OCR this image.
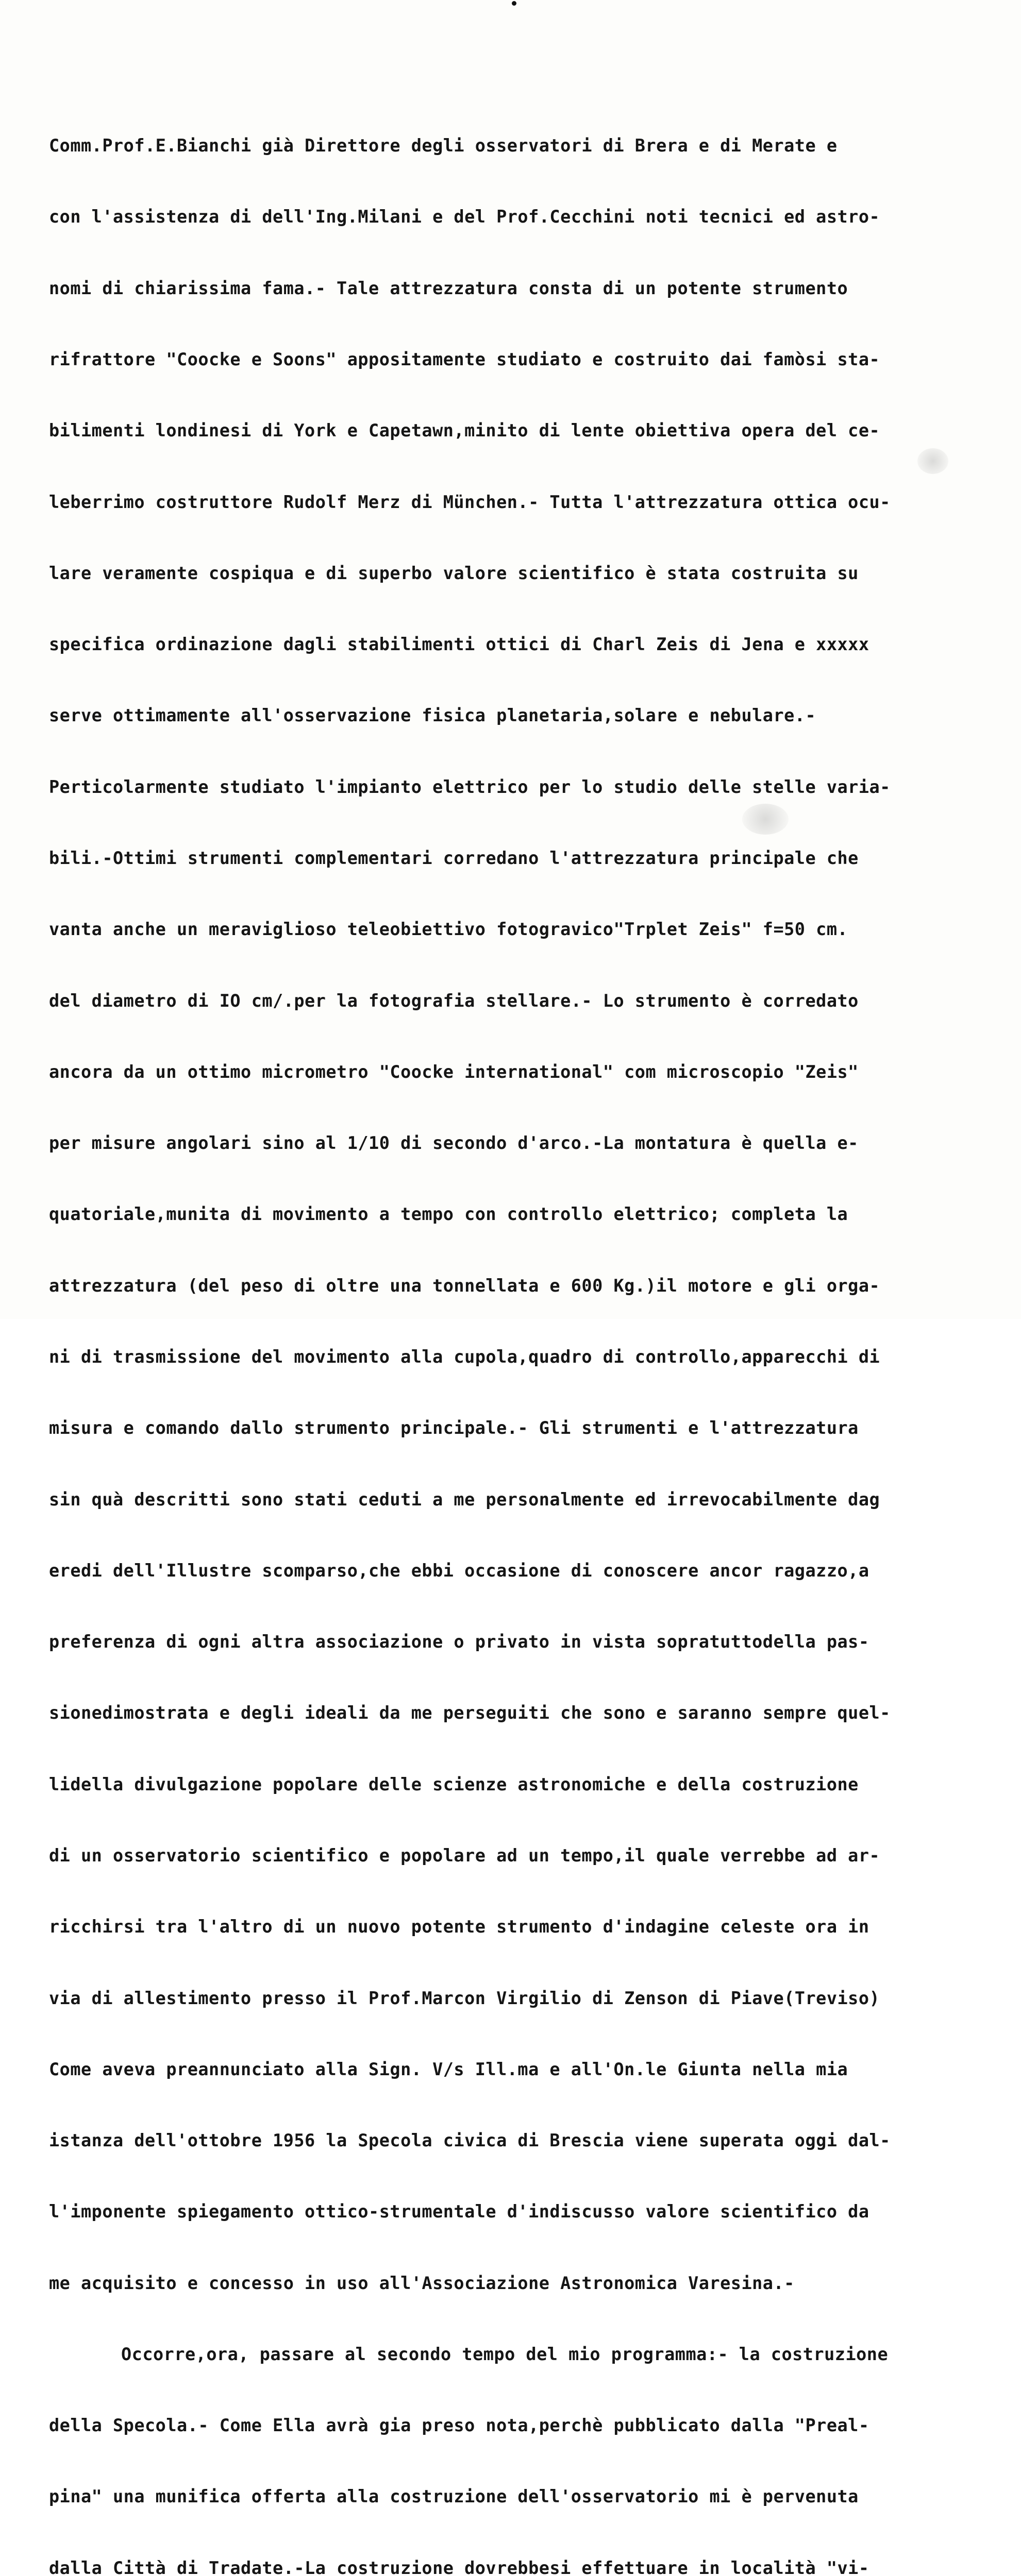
Comm.Prof.E.Bianchi già Direttore degli osservatori di Brera e di Merate e

con l'assistenza di dell'Ing.Milani e del Prof.Cecchini noti tecnici ed astro-

nomi di chiarissima fama.- Tale attrezzatura consta di un potente strumento

rifrattore "Coocke e Soons" appositamente studiato e costruito dai famòsi sta-

bilimenti londinesi di York e Capetawn,minito di lente obiettiva opera del ce-

leberrimo costruttore Rudolf Merz di München.- Tutta l'attrezzatura ottica ocu-

lare veramente cospiqua e di superbo valore scientifico è stata costruita su

specifica ordinazione dagli stabilimenti ottici di Charl Zeis di Jena e xxxxx

serve ottimamente all'osservazione fisica planetaria,solare e nebulare.-

Perticolarmente studiato l'impianto elettrico per lo studio delle stelle varia-

bili.-Ottimi strumenti complementari corredano l'attrezzatura principale che

vanta anche un meraviglioso teleobiettivo fotogravico"Trplet Zeis" f=50 cm.

del diametro di IO cm/.per la fotografia stellare.- Lo strumento è corredato

ancora da un ottimo micrometro "Coocke international" com microscopio "Zeis"

per misure angolari sino al 1/10 di secondo d'arco.-La montatura è quella e-

quatoriale,munita di movimento a tempo con controllo elettrico; completa la

attrezzatura (del peso di oltre una tonnellata e 600 Kg.)il motore e gli orga-

ni di trasmissione del movimento alla cupola,quadro di controllo,apparecchi di

misura e comando dallo strumento principale.- Gli strumenti e l'attrezzatura

sin quà descritti sono stati ceduti a me personalmente ed irrevocabilmente dag

eredi dell'Illustre scomparso,che ebbi occasione di conoscere ancor ragazzo,a

preferenza di ogni altra associazione o privato in vista sopratuttodella pas-

sionedimostrata e degli ideali da me perseguiti che sono e saranno sempre quel-

lidella divulgazione popolare delle scienze astronomiche e della costruzione

di un osservatorio scientifico e popolare ad un tempo,il quale verrebbe ad ar-

ricchirsi tra l'altro di un nuovo potente strumento d'indagine celeste ora in

via di allestimento presso il Prof.Marcon Virgilio di Zenson di Piave(Treviso)

Come aveva preannunciato alla Sign. V/s Ill.ma e all'On.le Giunta nella mia

istanza dell'ottobre 1956 la Specola civica di Brescia viene superata oggi dal-

l'imponente spiegamento ottico-strumentale d'indiscusso valore scientifico da

me acquisito e concesso in uso all'Associazione Astronomica Varesina.-

Occorre,ora, passare al secondo tempo del mio programma:- la costruzione

della Specola.- Come Ella avrà gia preso nota,perchè pubblicato dalla "Preal-

pina" una munifica offerta alla costruzione dell'osservatorio mi è pervenuta

dalla Città di Tradate.-La costruzione dovrebbesi effettuare in località "vi-
